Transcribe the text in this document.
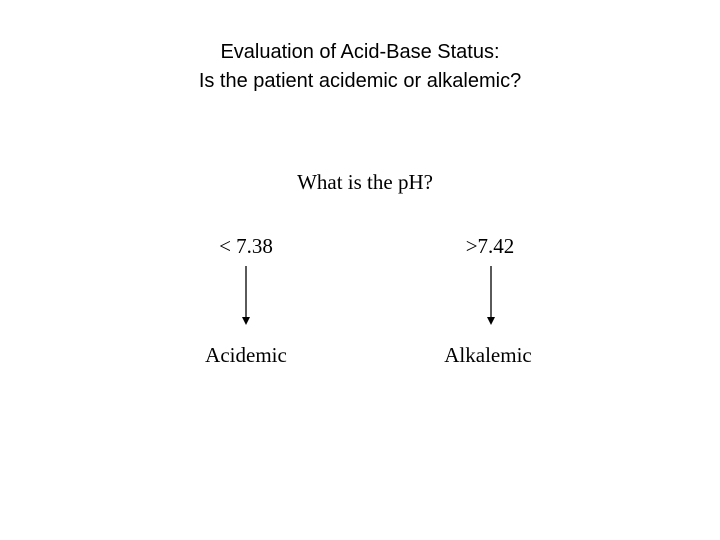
Evaluation of Acid-Base Status:
Is the patient acidemic or alkalemic?
What is the pH?
< 7.38	>7.42
Acidemic	Alkalemic
